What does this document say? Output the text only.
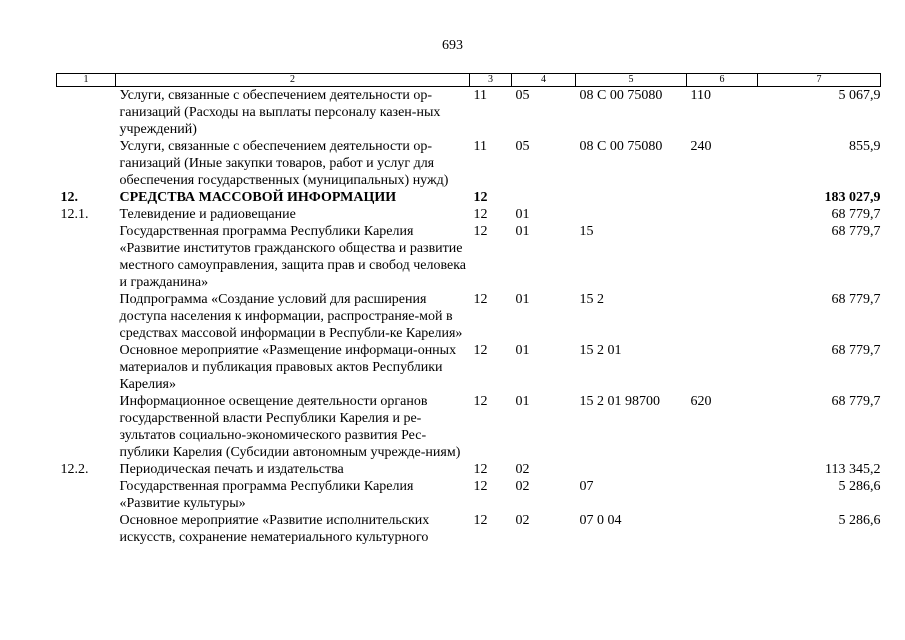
693
1	2	3	4	5	6	7
	Услуги, связанные с обеспечением деятельности ор-ганизаций (Расходы на выплаты персоналу казен-ных учреждений)	11	05	08 С 00 75080	110	5 067,9
	Услуги, связанные с обеспечением деятельности ор-ганизаций (Иные закупки товаров, работ и услуг для обеспечения государственных (муниципальных) нужд)	11	05	08 С 00 75080	240	855,9
12.	СРЕДСТВА МАССОВОЙ ИНФОРМАЦИИ	12				183 027,9
12.1.	Телевидение и радиовещание	12	01			68 779,7
	Государственная программа Республики Карелия «Развитие институтов гражданского общества и развитие местного самоуправления, защита прав и свобод человека и гражданина»	12	01	15		68 779,7
	Подпрограмма «Создание условий для расширения доступа населения к информации, распространяе-мой в средствах массовой информации в Республи-ке Карелия»	12	01	15 2		68 779,7
	Основное мероприятие «Размещение информаци-онных материалов и публикация правовых актов Республики Карелия»	12	01	15 2 01		68 779,7
	Информационное освещение деятельности органов государственной власти Республики Карелия и ре-зультатов социально-экономического развития Рес-публики Карелия (Субсидии автономным учрежде-ниям)	12	01	15 2 01 98700	620	68 779,7
12.2.	Периодическая печать и издательства	12	02			113 345,2
	Государственная программа Республики Карелия «Развитие культуры»	12	02	07		5 286,6
	Основное мероприятие «Развитие исполнительских искусств, сохранение нематериального культурного	12	02	07 0 04		5 286,6
